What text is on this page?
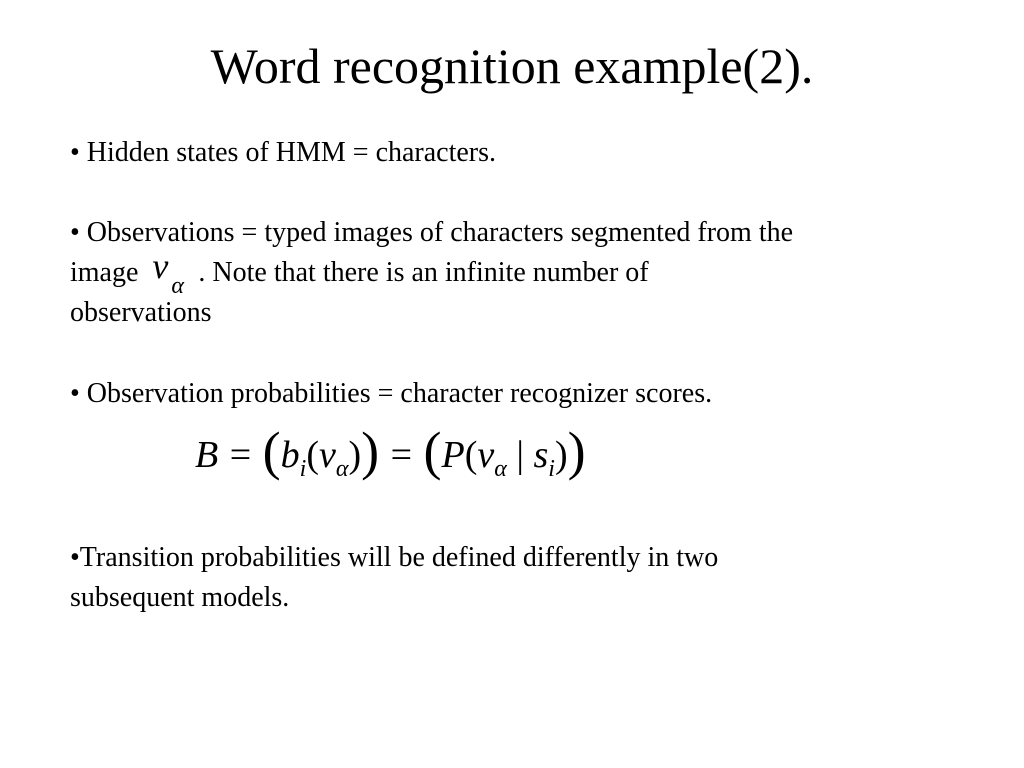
Word recognition example(2).
• Hidden states of HMM = characters.
• Observations = typed images of characters segmented from the
image v α . Note that there is an infinite number of
observations
• Observation probabilities = character recognizer scores.
$B = (b_i(v_\alpha)) = (P(v_\alpha$ | $s_i$))
•Transition probabilities will be defined differently in two
subsequent models.
